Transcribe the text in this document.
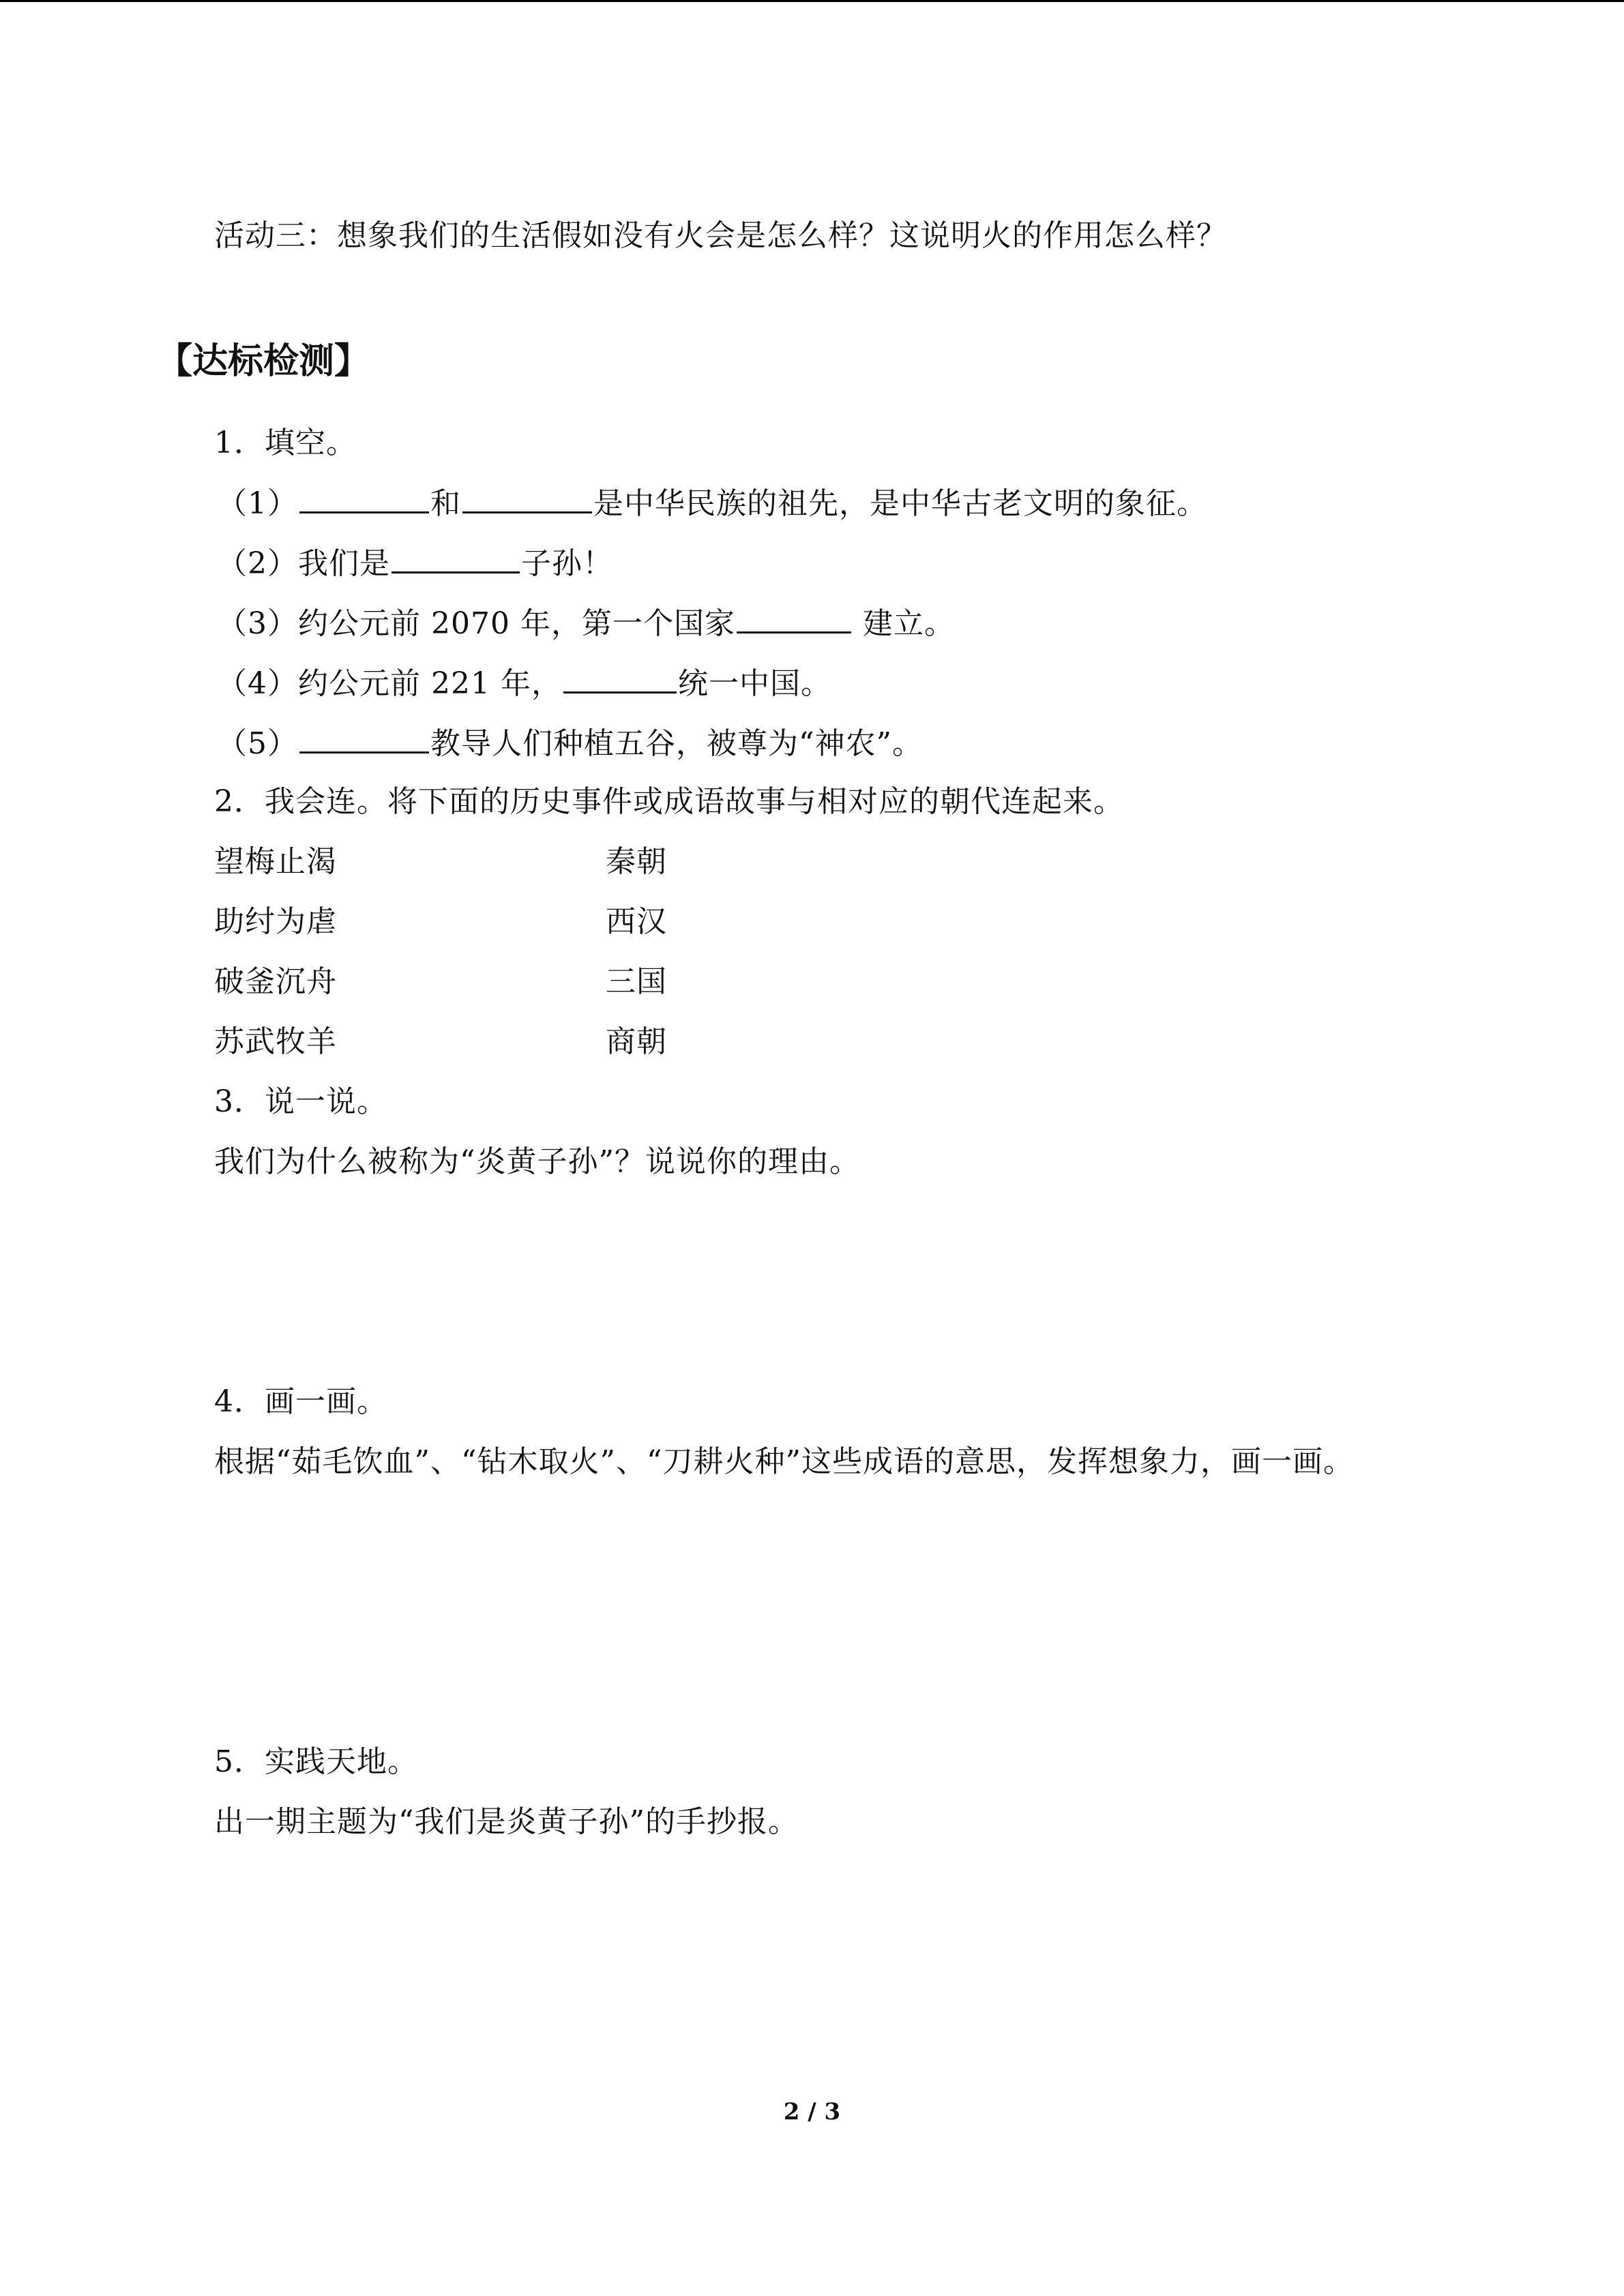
活动三：想象我们的生活假如没有火会是怎么样？这说明火的作用怎么样？
【达标检测】
1．填空。
（1）	和	是中华民族的祖先，是中华古老文明的象征。
（2）我们是	子孙！
（3）约公元前 2070 年，第一个国家	建立。
（4）约公元前 221 年，	统一中国。
（5）	教导人们种植五谷，被尊为“神农”。
2．我会连。将下面的历史事件或成语故事与相对应的朝代连起来。
望梅止渴	秦朝
助纣为虐	西汉
破釜沉舟	三国
苏武牧羊	商朝
3．说一说。
我们为什么被称为“炎黄子孙”？说说你的理由。
4．画一画。
根据“茹毛饮血”、“钻木取火”、“刀耕火种”这些成语的意思，发挥想象力，画一画。
5．实践天地。
出一期主题为“我们是炎黄子孙”的手抄报。
2 / 3
